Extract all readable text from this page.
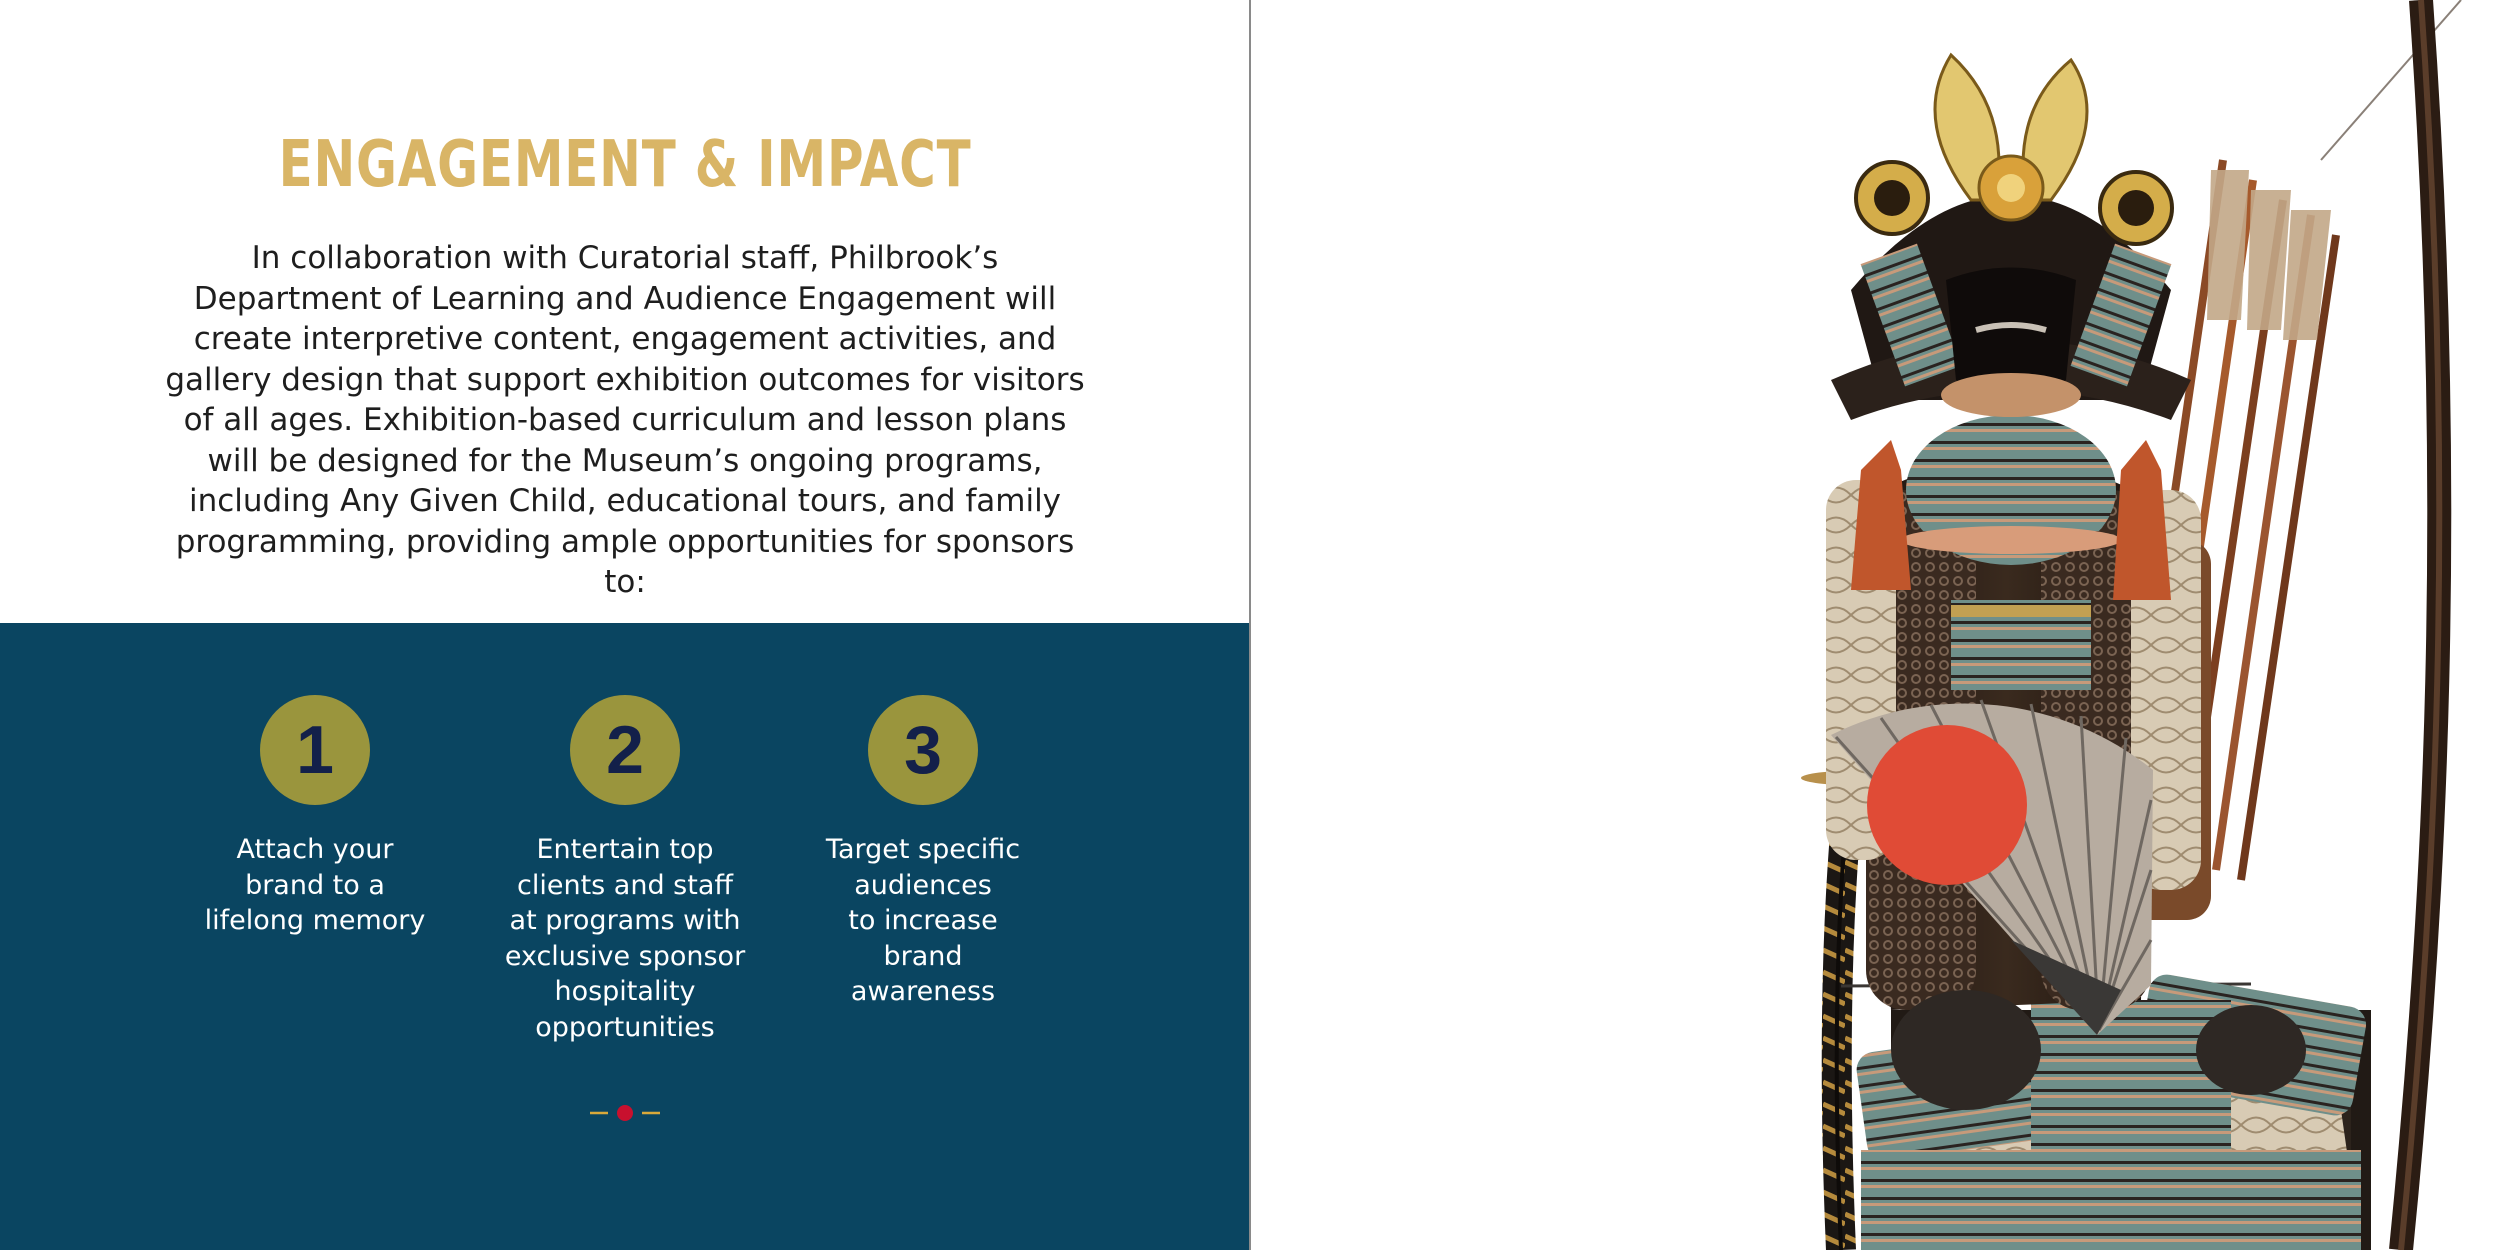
ENGAGEMENT & IMPACT

In collaboration with Curatorial staff, Philbrook’s Department of Learning and Audience Engagement will create interpretive content, engagement activities, and gallery design that support exhibition outcomes for visitors of all ages. Exhibition-based curriculum and lesson plans will be designed for the Museum’s ongoing programs, including Any Given Child, educational tours, and family programming, providing ample opportunities for sponsors to:

1
Attach your
brand to a
lifelong memory
2
Entertain top
clients and staff
at programs with
exclusive sponsor
hospitality
opportunities
3
Target specific
audiences
to increase
brand
awareness
